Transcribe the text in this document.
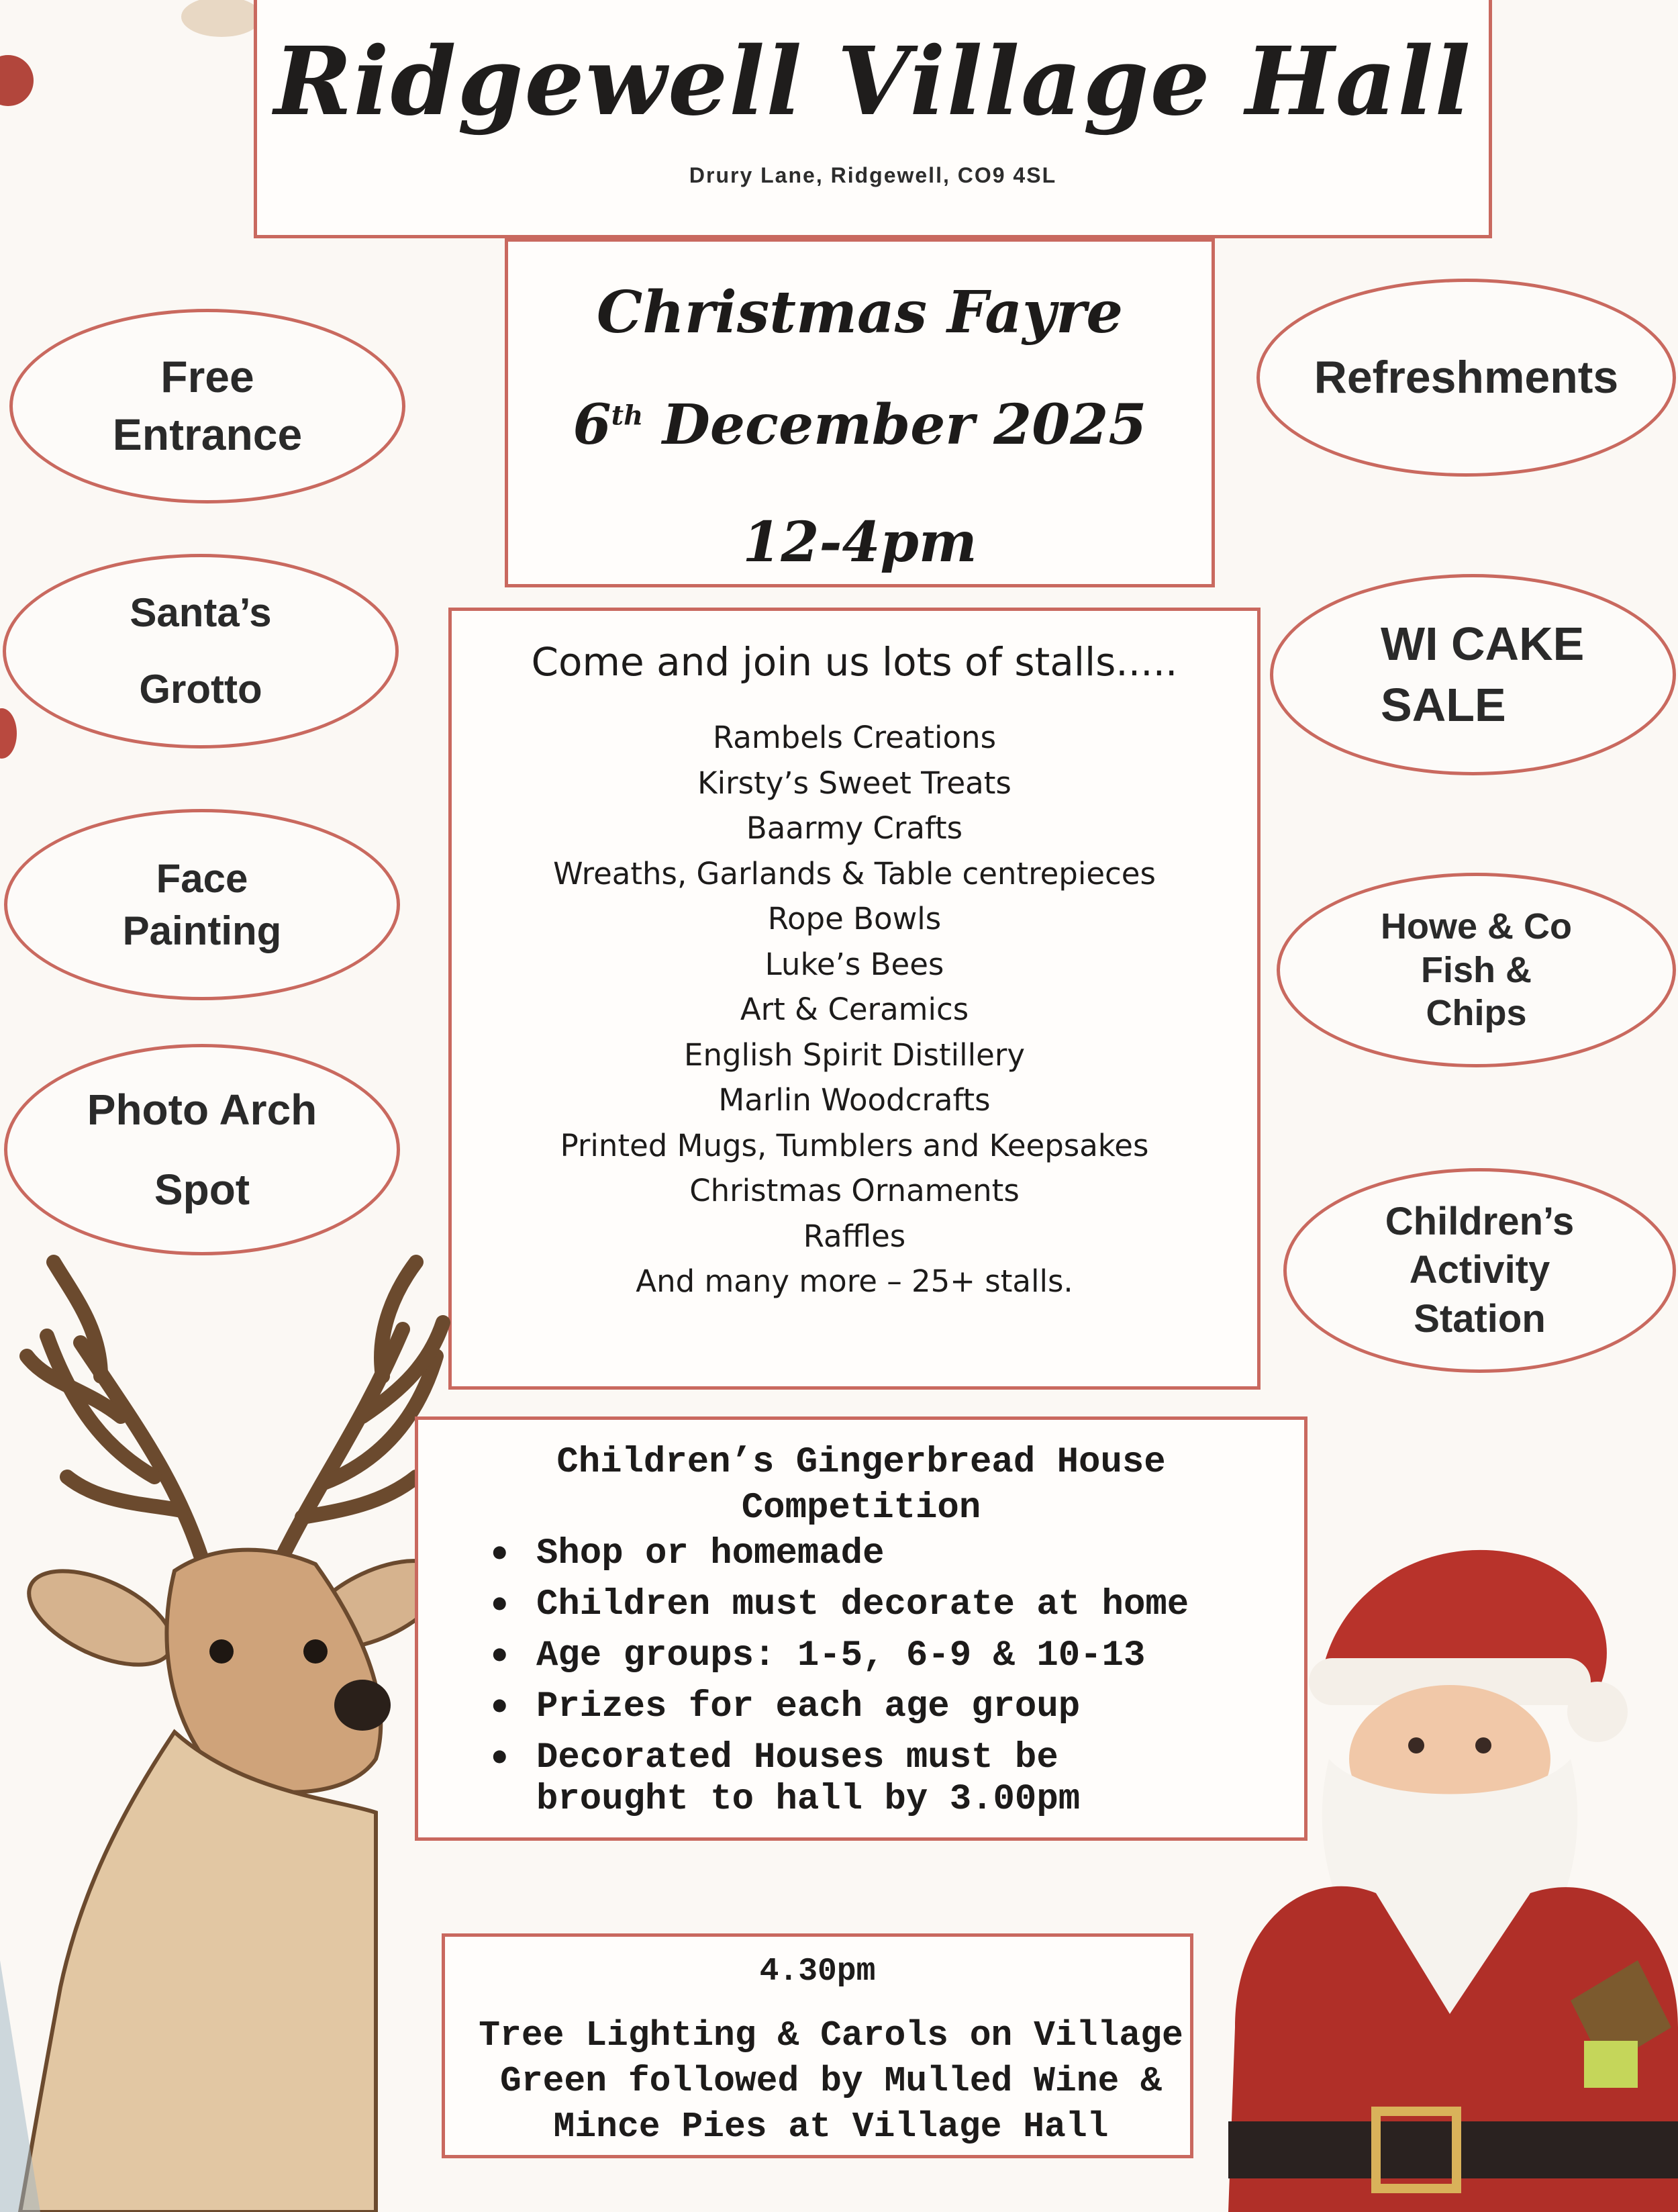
Ridgewell Village Hall
Drury Lane, Ridgewell, CO9 4SL
Christmas Fayre
6th December 2025
12-4pm
Free
Entrance
Santa’s
Grotto
Face
Painting
Photo Arch
Spot
Refreshments
WI CAKE
SALE
Howe & Co
Fish &
Chips
Children’s
Activity
Station
Come and join us lots of stalls.....
Rambels Creations
Kirsty’s Sweet Treats
Baarmy Crafts
Wreaths, Garlands & Table centrepieces
Rope Bowls
Luke’s Bees
Art & Ceramics
English Spirit Distillery
Marlin Woodcrafts
Printed Mugs, Tumblers and Keepsakes
Christmas Ornaments
Raffles
And many more – 25+ stalls.
Children’s Gingerbread House
Competition
• Shop or homemade
• Children must decorate at home
• Age groups: 1-5, 6-9 & 10-13
• Prizes for each age group
• Decorated Houses must be
brought to hall by 3.00pm
4.30pm
Tree Lighting & Carols on Village
Green followed by Mulled Wine &
Mince Pies at Village Hall
